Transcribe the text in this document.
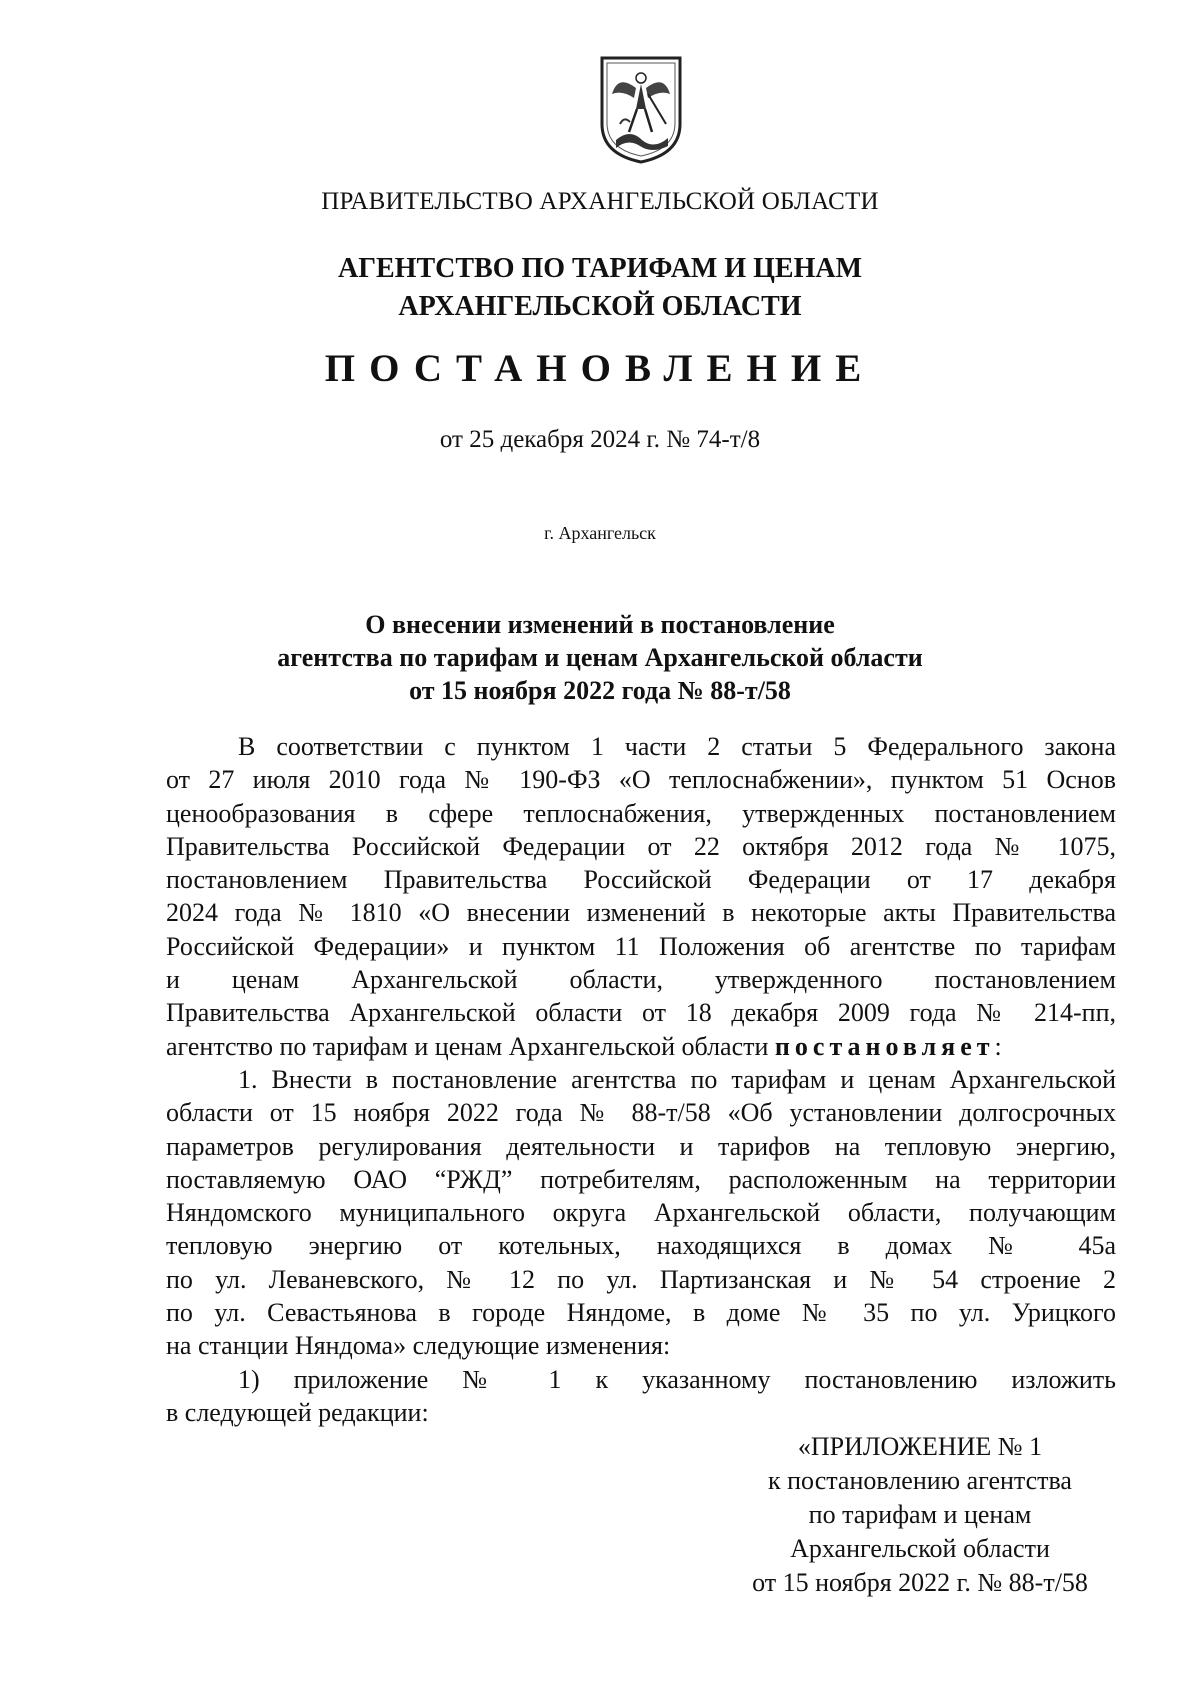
ПРАВИТЕЛЬСТВО АРХАНГЕЛЬСКОЙ ОБЛАСТИ
АГЕНТСТВО ПО ТАРИФАМ И ЦЕНАМ
АРХАНГЕЛЬСКОЙ ОБЛАСТИ
ПОСТАНОВЛЕНИЕ
от 25 декабря 2024 г. № 74-т/8
г. Архангельск
О внесении изменений в постановление
агентства по тарифам и ценам Архангельской области
от 15 ноября 2022 года № 88-т/58
В соответствии с пунктом 1 части 2 статьи 5 Федерального закона
от 27 июля 2010 года № 190-ФЗ «О теплоснабжении», пунктом 51 Основ
ценообразования в сфере теплоснабжения, утвержденных постановлением
Правительства Российской Федерации от 22 октября 2012 года № 1075,
постановлением Правительства Российской Федерации от 17 декабря
2024 года № 1810 «О внесении изменений в некоторые акты Правительства
Российской Федерации» и пунктом 11 Положения об агентстве по тарифам
и ценам Архангельской области, утвержденного постановлением
Правительства Архангельской области от 18 декабря 2009 года № 214-пп,
агентство по тарифам и ценам Архангельской области постановляет:
1. Внести в постановление агентства по тарифам и ценам Архангельской
области от 15 ноября 2022 года № 88-т/58 «Об установлении долгосрочных
параметров регулирования деятельности и тарифов на тепловую энергию,
поставляемую ОАО “РЖД” потребителям, расположенным на территории
Няндомского муниципального округа Архангельской области, получающим
тепловую энергию от котельных, находящихся в домах № 45а
по ул. Леваневского, № 12 по ул. Партизанская и № 54 строение 2
по ул. Севастьянова в городе Няндоме, в доме № 35 по ул. Урицкого
на станции Няндома» следующие изменения:
1) приложение № 1 к указанному постановлению изложить
в следующей редакции:
«ПРИЛОЖЕНИЕ № 1
к постановлению агентства
по тарифам и ценам
Архангельской области
от 15 ноября 2022 г. № 88-т/58
